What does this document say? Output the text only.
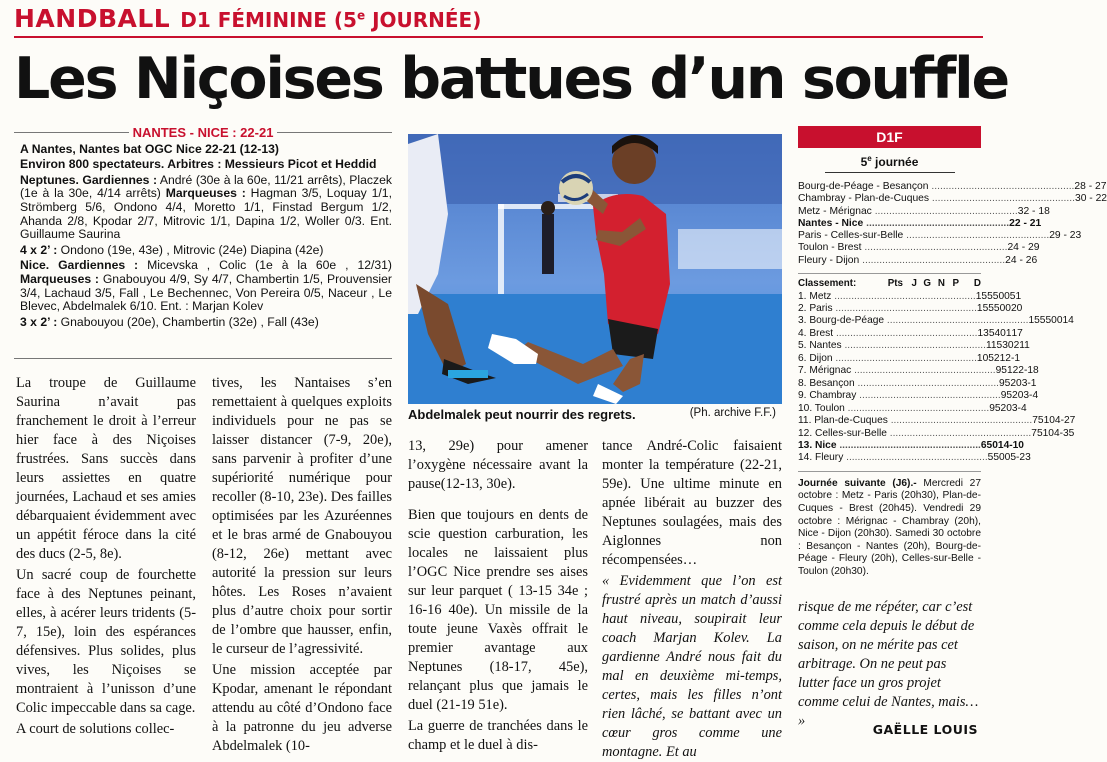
HANDBALL D1 FÉMININE (5e JOURNÉE)
Les Niçoises battues d’un souffle
NANTES - NICE : 22-21

A Nantes, Nantes bat OGC Nice 22-21 (12-13)

Environ 800 spectateurs. Arbitres : Messieurs Picot et Heddid

Neptunes. Gardiennes : André (30e à la 60e, 11/21 arrêts), Placzek (1e à la 30e, 4/14 arrêts) Marqueuses : Hagman 3/5, Loquay 1/1, Strömberg 5/6, Ondono 4/4, Moretto 1/1, Finstad Bergum 1/2, Ahanda 2/8, Kpodar 2/7, Mitrovic 1/1, Dapina 1/2, Woller 0/3. Ent. Guillaume Saurina

4 x 2’ : Ondono (19e, 43e) , Mitrovic (24e) Diapina (42e)

Nice. Gardiennes : Micevska , Colic (1e à la 60e , 12/31) Marqueuses : Gnabouyou 4/9, Sy 4/7, Chambertin 1/5, Prouvensier 3/4, Lachaud 3/5, Fall , Le Bechennec, Von Pereira 0/5, Naceur , Le Blevec, Abdelmalek 6/10. Ent. : Marjan Kolev

3 x 2’ : Gnabouyou (20e), Chambertin (32e) , Fall (43e)

Abdelmalek peut nourrir des regrets.	(Ph. archive F.F.)

La troupe de Guillaume Saurina n’avait pas franchement le droit à l’erreur hier face à des Niçoises frustrées. Sans succès dans leurs assiettes en quatre journées, Lachaud et ses amies débarquaient évidemment avec un appétit féroce dans la cité des ducs (2-5, 8e).

Un sacré coup de fourchette face à des Neptunes peinant, elles, à acérer leurs tridents (5-7, 15e), loin des espérances défensives. Plus solides, plus vives, les Niçoises se montraient à l’unisson d’une Colic impeccable dans sa cage.

A court de solutions collec-

tives, les Nantaises s’en remettaient à quelques exploits individuels pour ne pas se laisser distancer (7-9, 20e), sans parvenir à profiter d’une supériorité numérique pour recoller (8-10, 23e). Des failles optimisées par les Azuréennes et le bras armé de Gnabouyou (8-12, 26e) mettant avec autorité la pression sur leurs hôtes. Les Roses n’avaient plus d’autre choix pour sortir de l’ombre que hausser, enfin, le curseur de l’agressivité.

Une mission acceptée par Kpodar, amenant le répondant attendu au côté d’Ondono face à la patronne du jeu adverse Abdelmalek (10-

13, 29e) pour amener l’oxygène nécessaire avant la pause(12-13, 30e).

Bien que toujours en dents de scie question carburation, les locales ne laissaient plus l’OGC Nice prendre ses aises sur leur parquet ( 13-15 34e ; 16-16 40e). Un missile de la toute jeune Vaxès offrait le premier avantage aux Neptunes (18-17, 45e), relançant plus que jamais le duel (21-19 51e).

La guerre de tranchées dans le champ et le duel à dis-

tance André-Colic faisaient monter la température (22-21, 59e). Une ultime minute en apnée libérait au buzzer des Neptunes soulagées, mais des Aiglonnes non récompensées…

« Evidemment que l’on est frustré après un match d’aussi haut niveau, soupirait leur coach Marjan Kolev. La gardienne André nous fait du mal en deuxième mi-temps, certes, mais les filles n’ont rien lâché, se battant avec un cœur gros comme une montagne. Et au

D1F
5e journée
Bourg-de-Péage - Besançon .....	28 - 27
Chambray - Plan-de-Cuques .....	30 - 22
Metz - Mérignac .....	32 - 18
Nantes - Nice .....	22 - 21
Paris - Celles-sur-Belle .....	29 - 23
Toulon - Brest .....	24 - 29
Fleury - Dijon .....	24 - 26
Classement:	Pts J G N P	D
1. Metz .....	15 5 5 0 0 51
2. Paris .....	15 5 5 0 0 20
3. Bourg-de-Péage .....	15 5 5 0 0 14
4. Brest .....	13 5 4 0 1 17
5. Nantes .....	11 5 3 0 2 11
6. Dijon .....	10 5 2 1 2 -1
7. Mérignac .....	9 5 1 2 2 -18
8. Besançon .....	9 5 2 0 3 -1
9. Chambray .....	9 5 2 0 3 -4
10. Toulon .....	9 5 2 0 3 -4
11. Plan-de-Cuques .....	7 5 1 0 4 -27
12. Celles-sur-Belle .....	7 5 1 0 4 -35
13. Nice .....	6 5 0 1 4 -10
14. Fleury .....	5 5 0 0 5 -23
Journée suivante (J6).- Mercredi 27 octobre : Metz - Paris (20h30), Plan-de-Cuques - Brest (20h45). Vendredi 29 octobre : Mérignac - Chambray (20h), Nice - Dijon (20h30). Samedi 30 octobre : Besançon - Nantes (20h), Bourg-de-Péage - Fleury (20h), Celles-sur-Belle - Toulon (20h30).
risque de me répéter, car c’est comme cela depuis le début de saison, on ne mérite pas cet arbitrage. On ne peut pas lutter face un gros projet comme celui de Nantes, mais… »
GAËLLE LOUIS
